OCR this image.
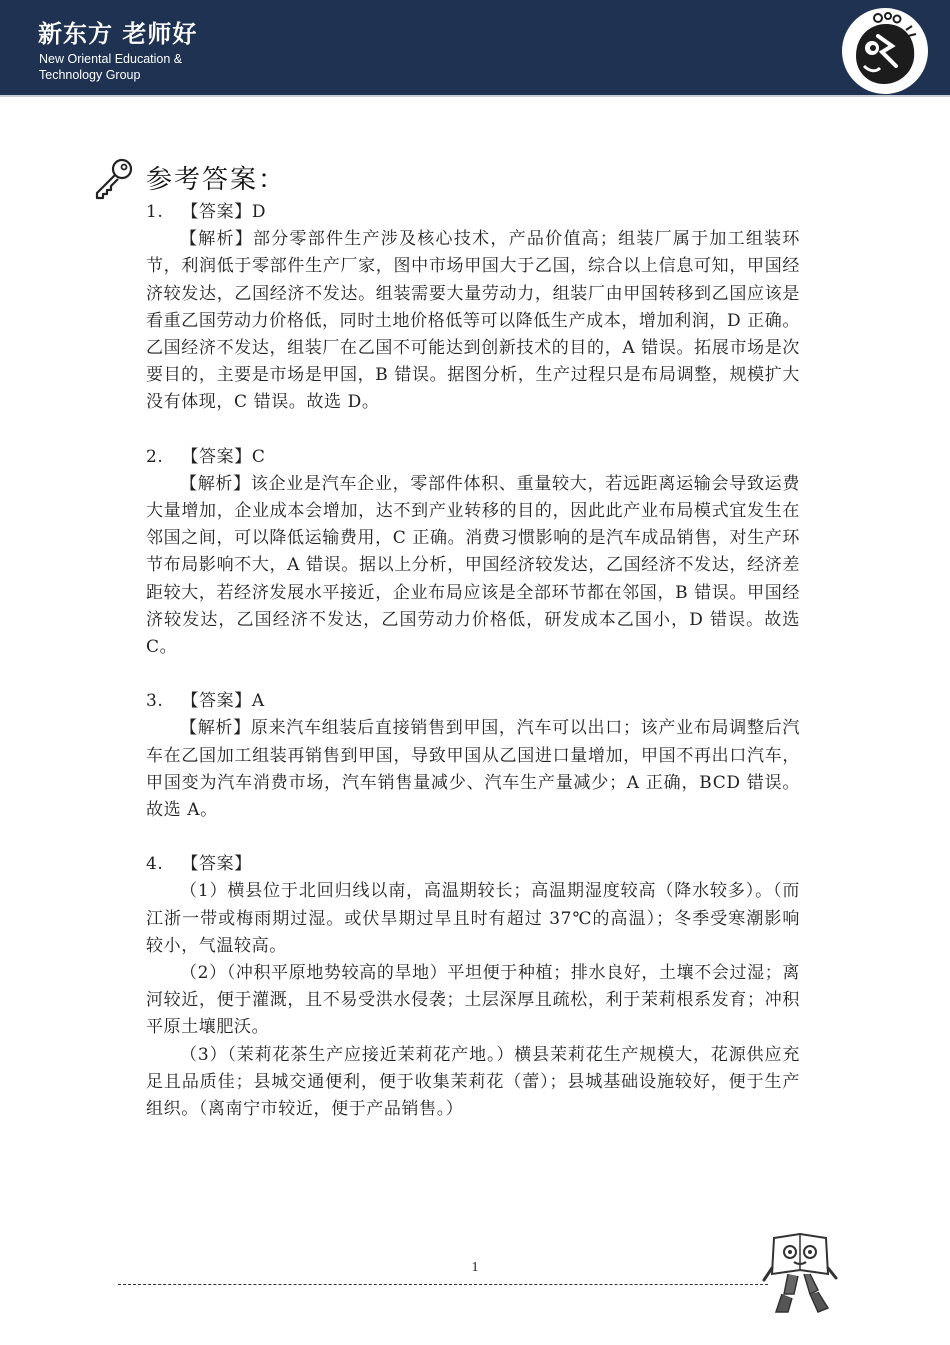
新东方 老师好
New Oriental Education & Technology Group
参考答案：

1.   【答案】D

【解析】部分零部件生产涉及核心技术，产品价值高；组装厂属于加工组装环节，利润低于零部件生产厂家，图中市场甲国大于乙国，综合以上信息可知，甲国经济较发达，乙国经济不发达。组装需要大量劳动力，组装厂由甲国转移到乙国应该是看重乙国劳动力价格低，同时土地价格低等可以降低生产成本，增加利润，D 正确。乙国经济不发达，组装厂在乙国不可能达到创新技术的目的，A 错误。拓展市场是次要目的，主要是市场是甲国，B 错误。据图分析，生产过程只是布局调整，规模扩大没有体现，C 错误。故选 D。

2.   【答案】C

【解析】该企业是汽车企业，零部件体积、重量较大，若远距离运输会导致运费大量增加，企业成本会增加，达不到产业转移的目的，因此此产业布局模式宜发生在邻国之间，可以降低运输费用，C 正确。消费习惯影响的是汽车成品销售，对生产环节布局影响不大，A 错误。据以上分析，甲国经济较发达，乙国经济不发达，经济差距较大，若经济发展水平接近，企业布局应该是全部环节都在邻国，B 错误。甲国经济较发达，乙国经济不发达，乙国劳动力价格低，研发成本乙国小，D 错误。故选 C。

3.   【答案】A

【解析】原来汽车组装后直接销售到甲国，汽车可以出口；该产业布局调整后汽车在乙国加工组装再销售到甲国，导致甲国从乙国进口量增加，甲国不再出口汽车，甲国变为汽车消费市场，汽车销售量减少、汽车生产量减少；A 正确，BCD 错误。故选 A。

4.   【答案】

（1）横县位于北回归线以南，高温期较长；高温期湿度较高（降水较多）。（而江浙一带或梅雨期过湿。或伏旱期过旱且时有超过 37℃的高温）；冬季受寒潮影响较小，气温较高。

（2）（冲积平原地势较高的旱地）平坦便于种植；排水良好，土壤不会过湿；离河较近，便于灌溉，且不易受洪水侵袭；土层深厚且疏松，利于茉莉根系发育；冲积平原土壤肥沃。

（3）（茉莉花茶生产应接近茉莉花产地。）横县茉莉花生产规模大，花源供应充足且品质佳；县城交通便利，便于收集茉莉花（蕾）；县城基础设施较好，便于生产组织。（离南宁市较近，便于产品销售。）

1
